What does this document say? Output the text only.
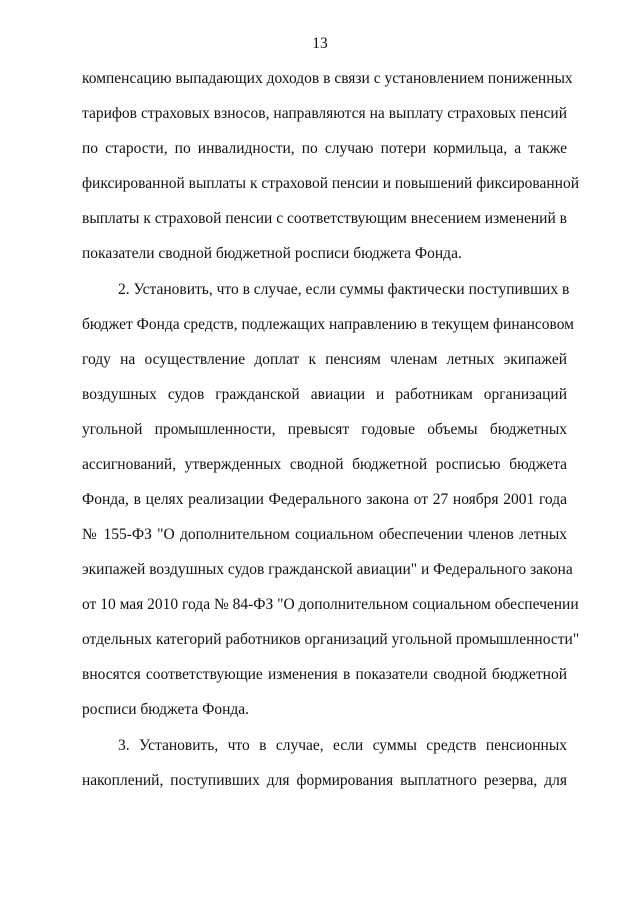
13
компенсацию выпадающих доходов в связи с установлением пониженных
тарифов страховых взносов, направляются на выплату страховых пенсий
по старости, по инвалидности, по случаю потери кормильца, а также
фиксированной выплаты к страховой пенсии и повышений фиксированной
выплаты к страховой пенсии с соответствующим внесением изменений в
показатели сводной бюджетной росписи бюджета Фонда.
2. Установить, что в случае, если суммы фактически поступивших в
бюджет Фонда средств, подлежащих направлению в текущем финансовом
году на осуществление доплат к пенсиям членам летных экипажей
воздушных судов гражданской авиации и работникам организаций
угольной промышленности, превысят годовые объемы бюджетных
ассигнований, утвержденных сводной бюджетной росписью бюджета
Фонда, в целях реализации Федерального закона от 27 ноября 2001 года
№ 155-ФЗ "О дополнительном социальном обеспечении членов летных
экипажей воздушных судов гражданской авиации" и Федерального закона
от 10 мая 2010 года № 84-ФЗ "О дополнительном социальном обеспечении
отдельных категорий работников организаций угольной промышленности"
вносятся соответствующие изменения в показатели сводной бюджетной
росписи бюджета Фонда.
3. Установить, что в случае, если суммы средств пенсионных
накоплений, поступивших для формирования выплатного резерва, для
